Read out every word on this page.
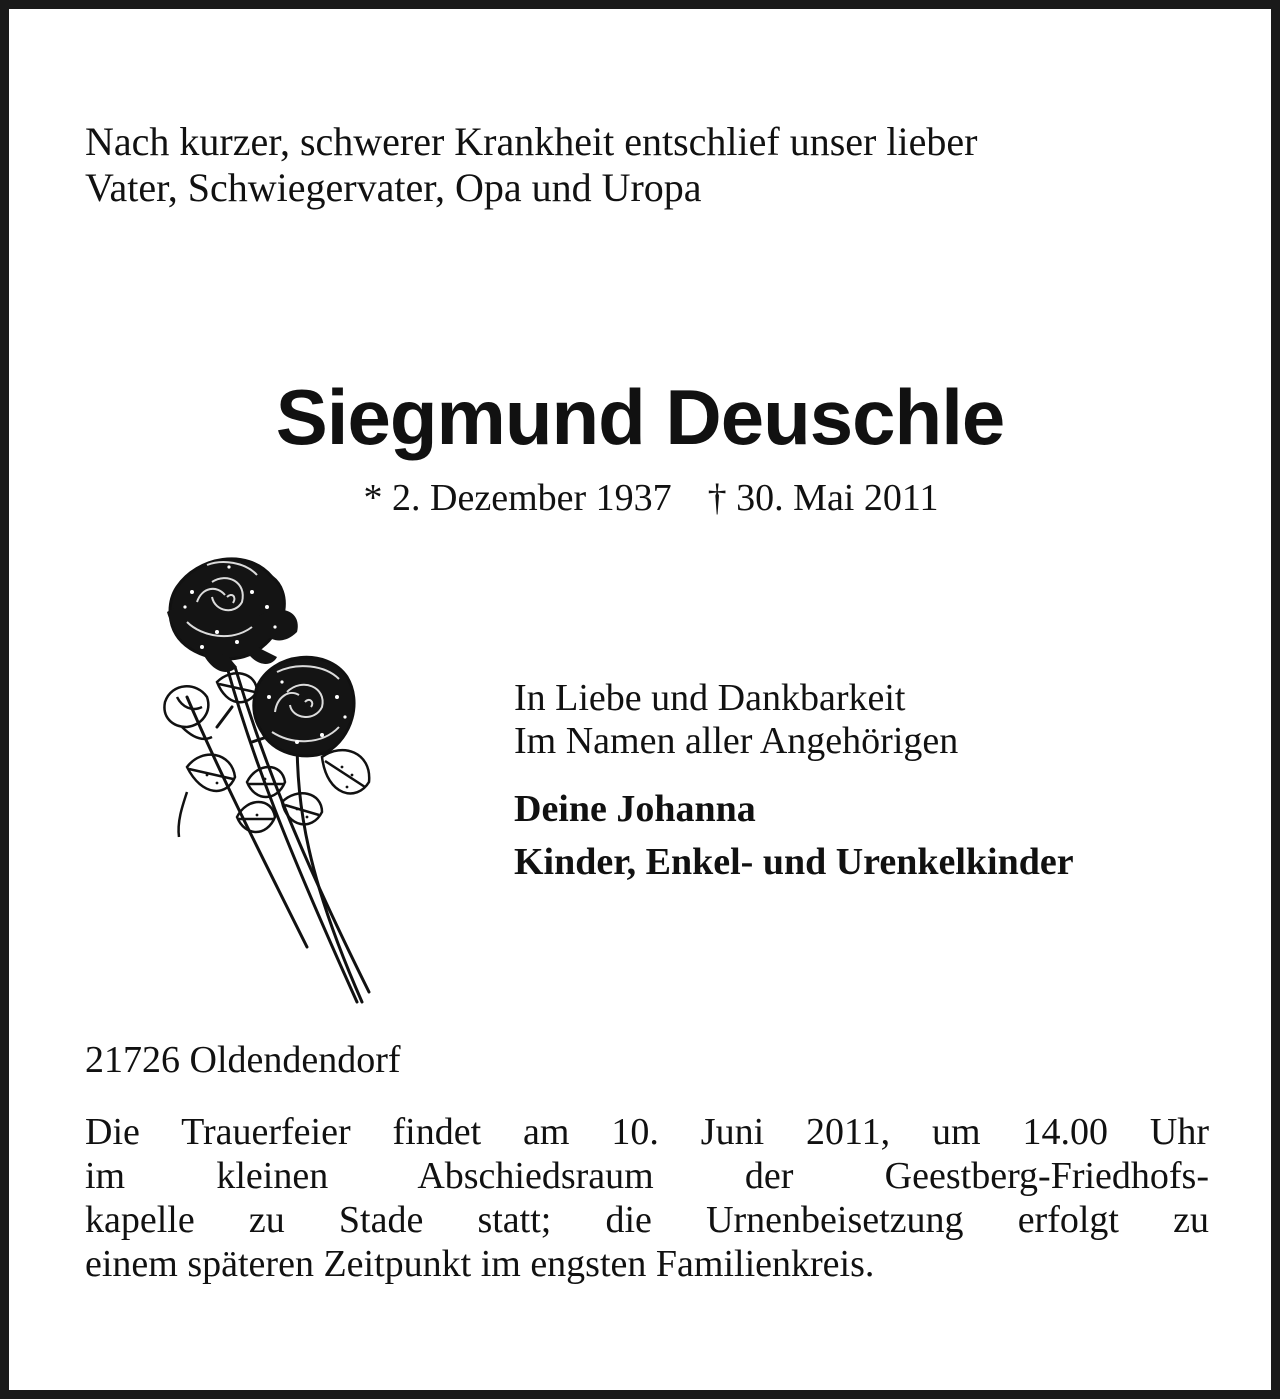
Nach kurzer, schwerer Krankheit entschlief unser lieber
Vater, Schwiegervater, Opa und Uropa
Siegmund Deuschle
* 2. Dezember 1937 † 30. Mai 2011
In Liebe und Dankbarkeit
Im Namen aller Angehörigen
Deine Johanna
Kinder, Enkel- und Urenkelkinder
21726 Oldendendorf
Die Trauerfeier findet am 10. Juni 2011, um 14.00 Uhr
im kleinen Abschiedsraum der Geestberg-Friedhofs-
kapelle zu Stade statt; die Urnenbeisetzung erfolgt zu
einem späteren Zeitpunkt im engsten Familienkreis.
